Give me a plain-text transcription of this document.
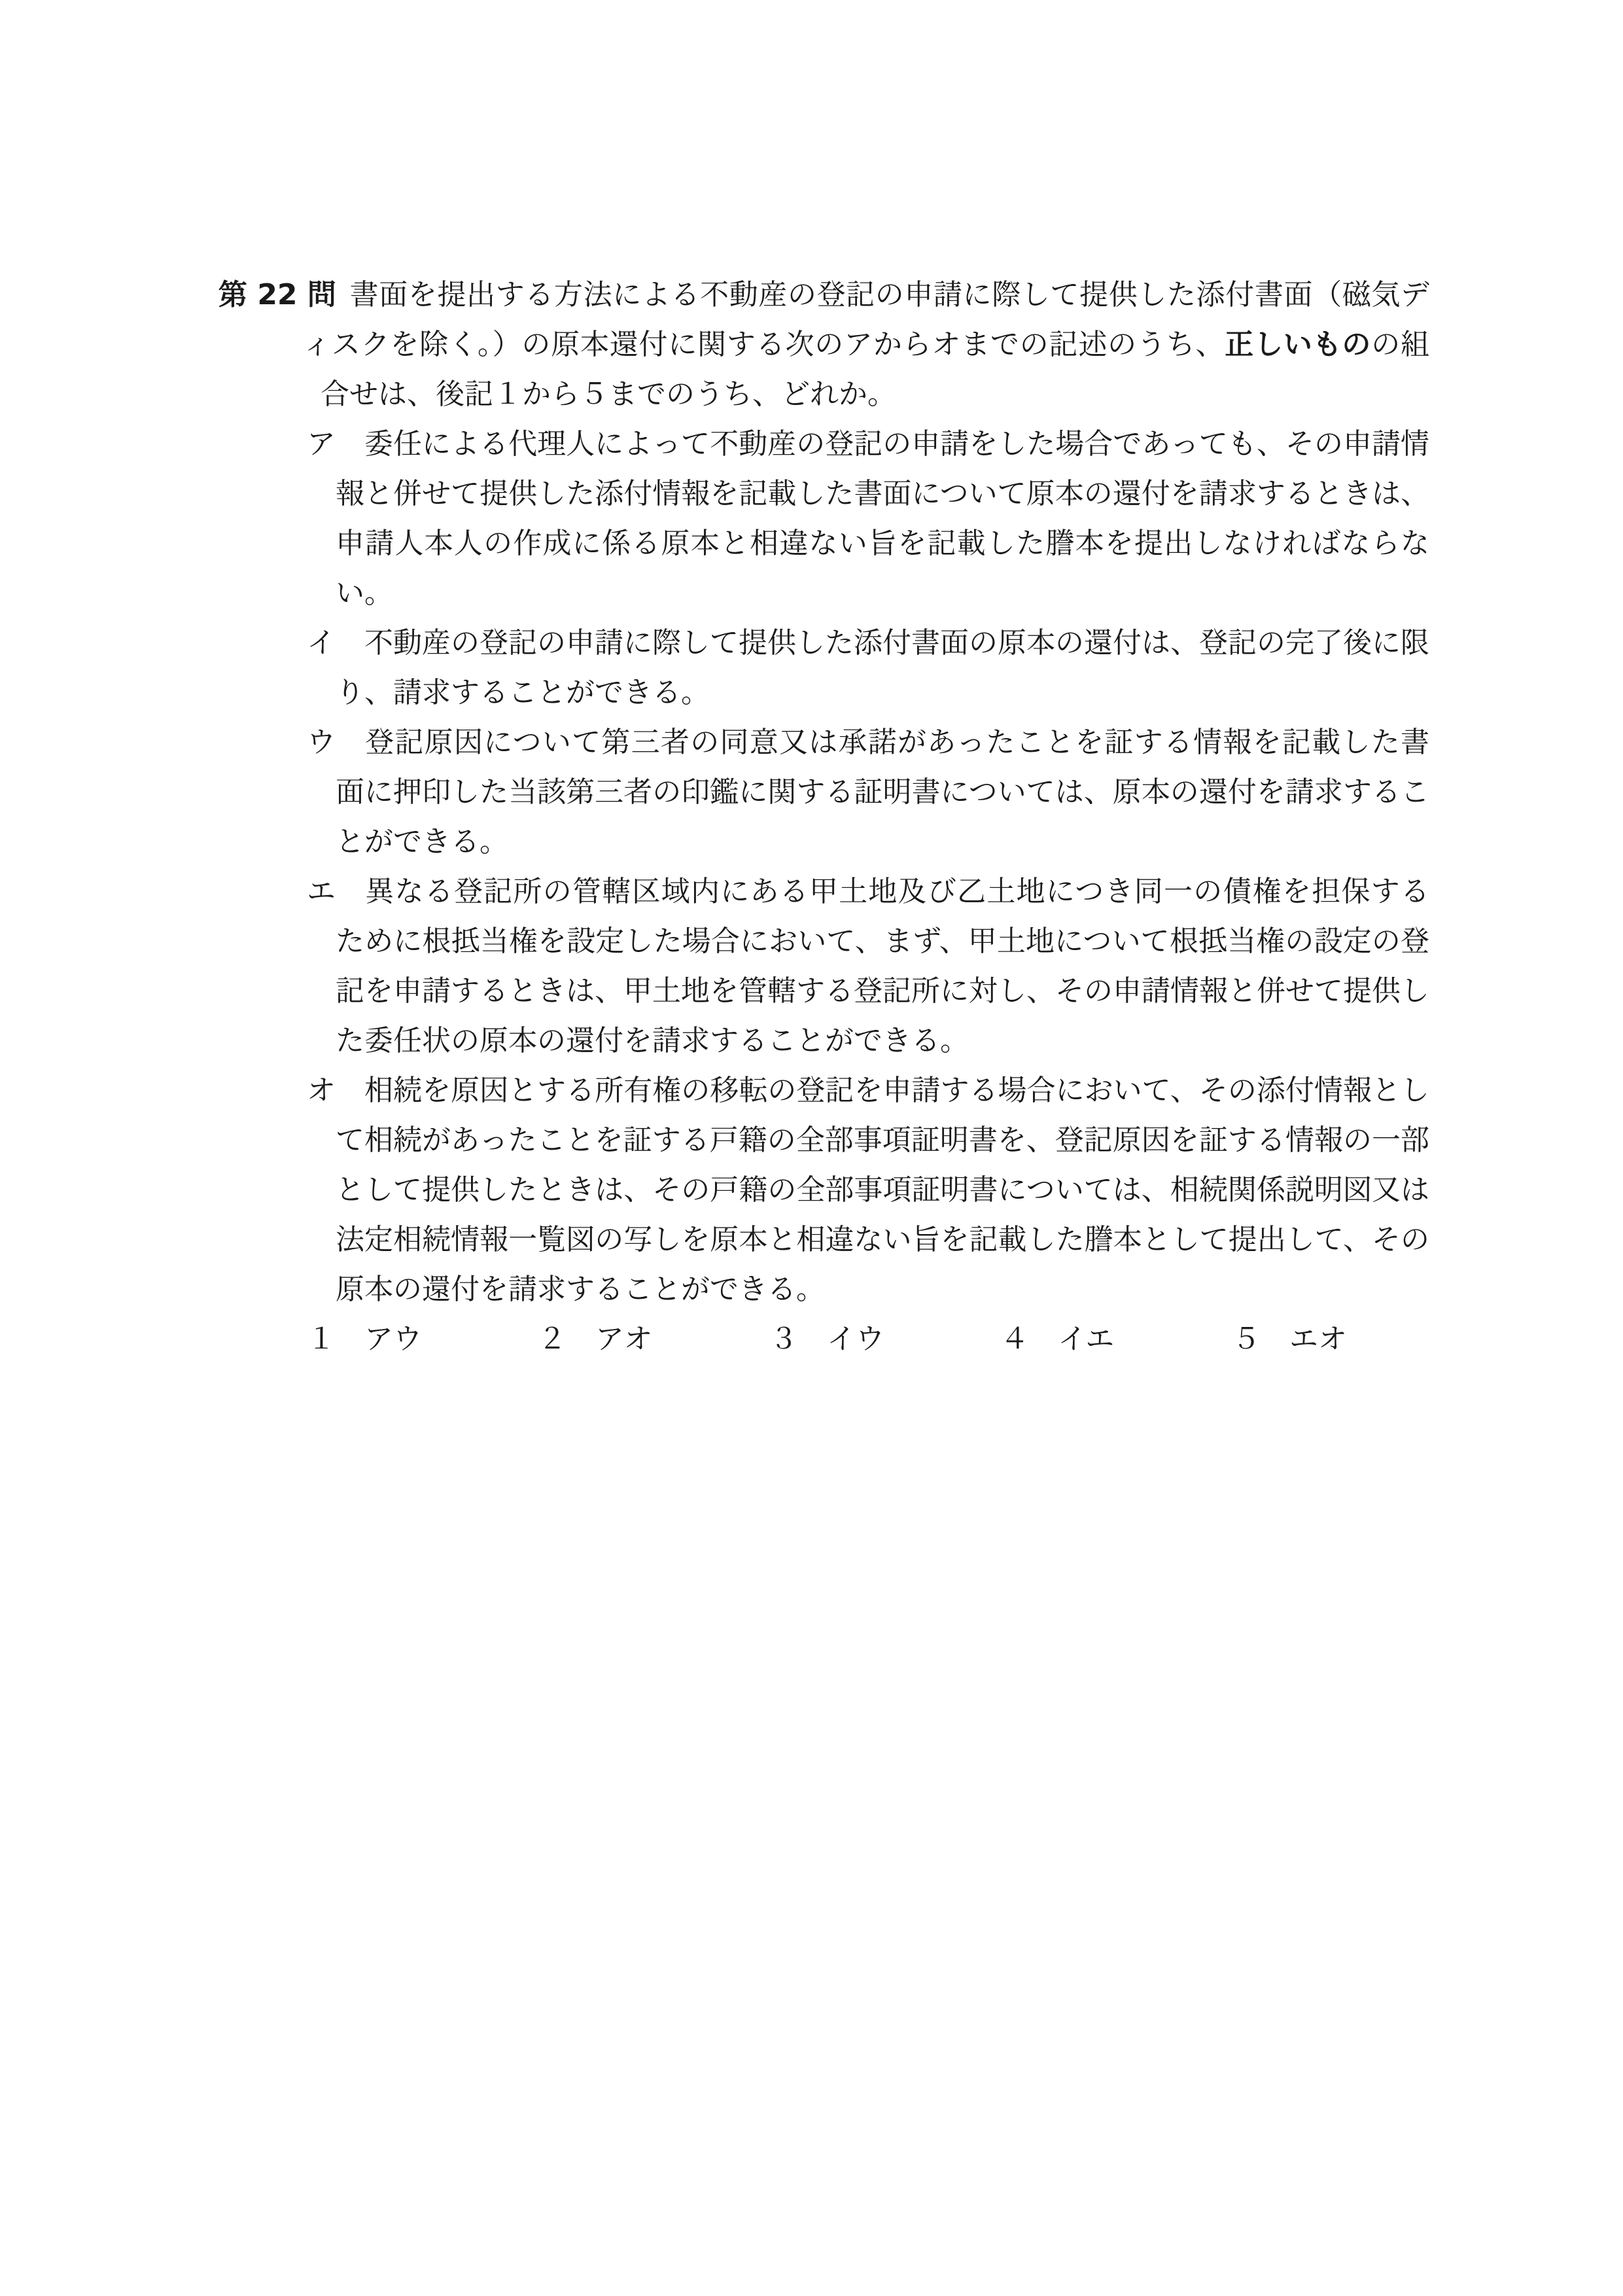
第 22 問 書面を提出する方法による不動産の登記の申請に際して提供した添付書面（磁気デ
ィスクを除く。）の原本還付に関する次のアからオまでの記述のうち、正しいものの組
合せは、後記１から５までのうち、どれか。
ア 委任による代理人によって不動産の登記の申請をした場合であっても、その申請情
報と併せて提供した添付情報を記載した書面について原本の還付を請求するときは、
申請人本人の作成に係る原本と相違ない旨を記載した謄本を提出しなければならな
い。
イ 不動産の登記の申請に際して提供した添付書面の原本の還付は、登記の完了後に限
り、請求することができる。
ウ 登記原因について第三者の同意又は承諾があったことを証する情報を記載した書
面に押印した当該第三者の印鑑に関する証明書については、原本の還付を請求するこ
とができる。
エ 異なる登記所の管轄区域内にある甲土地及び乙土地につき同一の債権を担保する
ために根抵当権を設定した場合において、まず、甲土地について根抵当権の設定の登
記を申請するときは、甲土地を管轄する登記所に対し、その申請情報と併せて提供し
た委任状の原本の還付を請求することができる。
オ 相続を原因とする所有権の移転の登記を申請する場合において、その添付情報とし
て相続があったことを証する戸籍の全部事項証明書を、登記原因を証する情報の一部
として提供したときは、その戸籍の全部事項証明書については、相続関係説明図又は
法定相続情報一覧図の写しを原本と相違ない旨を記載した謄本として提出して、その
原本の還付を請求することができる。
１ アウ	２ アオ	３ イウ	４ イエ	５ エオ
